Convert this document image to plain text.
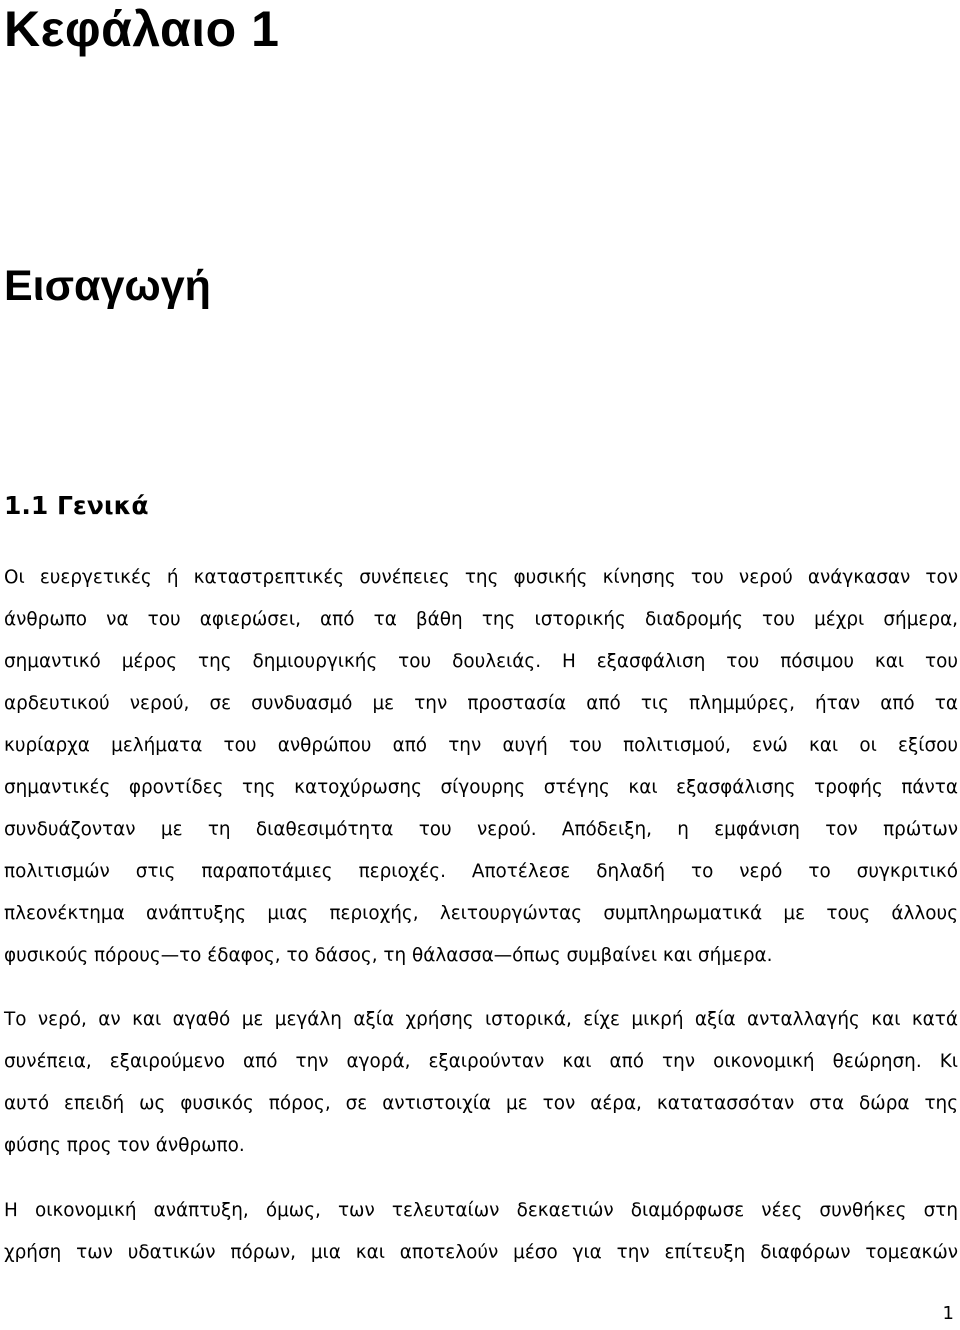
Κεφάλαιο 1
Εισαγωγή
1.1 Γενικά
Οι ευεργετικές ή καταστρεπτικές συνέπειες της φυσικής κίνησης του νερού ανάγκασαν τον
άνθρωπο να του αφιερώσει, από τα βάθη της ιστορικής διαδρομής του μέχρι σήμερα,
σημαντικό μέρος της δημιουργικής του δουλειάς. Η εξασφάλιση του πόσιμου και του
αρδευτικού νερού, σε συνδυασμό με την προστασία από τις πλημμύρες, ήταν από τα
κυρίαρχα μελήματα του ανθρώπου από την αυγή του πολιτισμού, ενώ και οι εξίσου
σημαντικές φροντίδες της κατοχύρωσης σίγουρης στέγης και εξασφάλισης τροφής πάντα
συνδυάζονταν με τη διαθεσιμότητα του νερού. Απόδειξη, η εμφάνιση τον πρώτων
πολιτισμών στις παραποτάμιες περιοχές. Αποτέλεσε δηλαδή το νερό το συγκριτικό
πλεονέκτημα ανάπτυξης μιας περιοχής, λειτουργώντας συμπληρωματικά με τους άλλους
φυσικούς πόρους—το έδαφος, το δάσος, τη θάλασσα—όπως συμβαίνει και σήμερα.
Το νερό, αν και αγαθό με μεγάλη αξία χρήσης ιστορικά, είχε μικρή αξία ανταλλαγής και κατά
συνέπεια, εξαιρούμενο από την αγορά, εξαιρούνταν και από την οικονομική θεώρηση. Κι
αυτό επειδή ως φυσικός πόρος, σε αντιστοιχία με τον αέρα, κατατασσόταν στα δώρα της
φύσης προς τον άνθρωπο.
Η οικονομική ανάπτυξη, όμως, των τελευταίων δεκαετιών διαμόρφωσε νέες συνθήκες στη
χρήση των υδατικών πόρων, μια και αποτελούν μέσο για την επίτευξη διαφόρων τομεακών
1
